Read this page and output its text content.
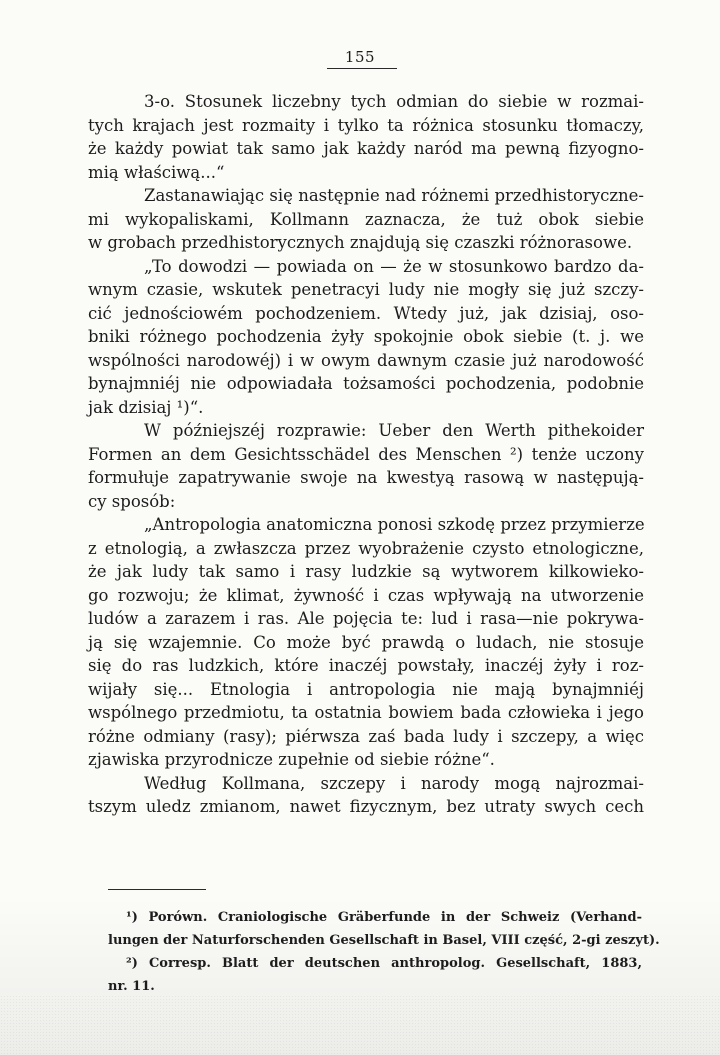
155
3-o. Stosunek liczebny tych odmian do siebie w rozmai-
tych krajach jest rozmaity i tylko ta różnica stosunku tłomaczy,
że każdy powiat tak samo jak każdy naród ma pewną fizyogno-
mią właściwą...“
Zastanawiając się następnie nad różnemi przedhistoryczne-
mi wykopaliskami, Kollmann zaznacza, że tuż obok siebie
w grobach przedhistorycznych znajdują się czaszki różnorasowe.
„To dowodzi — powiada on — że w stosunkowo bardzo da-
wnym czasie, wskutek penetracyi ludy nie mogły się już szczy-
cić jednościowém pochodzeniem. Wtedy już, jak dzisiaj, oso-
bniki różnego pochodzenia żyły spokojnie obok siebie (t. j. we
wspólności narodowéj) i w owym dawnym czasie już narodowość
bynajmniéj nie odpowiadała tożsamości pochodzenia, podobnie
jak dzisiaj ¹)“.
W późniejszéj rozprawie: Ueber den Werth pithekoider
Formen an dem Gesichtsschädel des Menschen ²) tenże uczony
formułuje zapatrywanie swoje na kwestyą rasową w następują-
cy sposób:
„Antropologia anatomiczna ponosi szkodę przez przymierze
z etnologią, a zwłaszcza przez wyobrażenie czysto etnologiczne,
że jak ludy tak samo i rasy ludzkie są wytworem kilkowieko-
go rozwoju; że klimat, żywność i czas wpływają na utworzenie
ludów a zarazem i ras. Ale pojęcia te: lud i rasa—nie pokrywa-
ją się wzajemnie. Co może być prawdą o ludach, nie stosuje
się do ras ludzkich, które inaczéj powstały, inaczéj żyły i roz-
wijały się... Etnologia i antropologia nie mają bynajmniéj
wspólnego przedmiotu, ta ostatnia bowiem bada człowieka i jego
różne odmiany (rasy); piérwsza zaś bada ludy i szczepy, a więc
zjawiska przyrodnicze zupełnie od siebie różne“.
Według Kollmana, szczepy i narody mogą najrozmai-
tszym uledz zmianom, nawet fizycznym, bez utraty swych cech
¹) Porówn. Craniologische Gräberfunde in der Schweiz (Verhand-
lungen der Naturforschenden Gesellschaft in Basel, VIII część, 2-gi zeszyt).
²) Corresp. Blatt der deutschen anthropolog. Gesellschaft, 1883,
nr. 11.
